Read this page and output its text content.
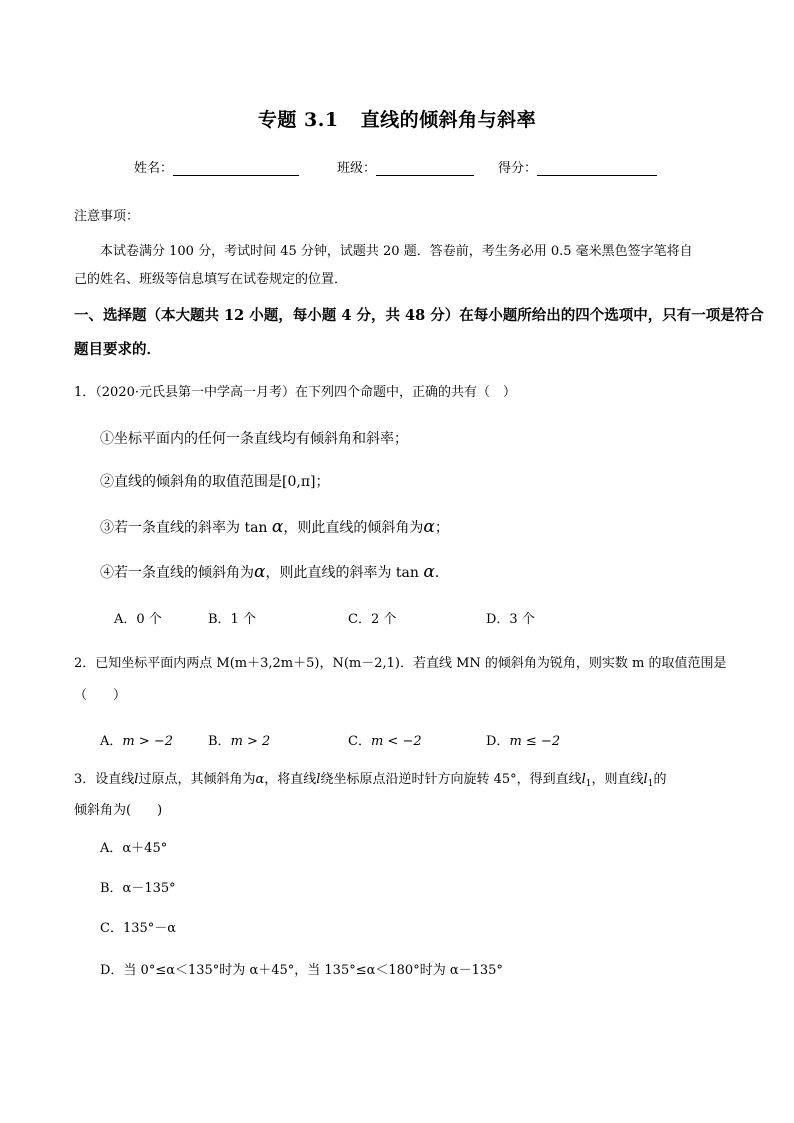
专题 3.1 直线的倾斜角与斜率
姓名：	班级：	得分：
注意事项：
本试卷满分 100 分，考试时间 45 分钟，试题共 20 题．答卷前，考生务必用 0.5 毫米黑色签字笔将自
己的姓名、班级等信息填写在试卷规定的位置．
一、选择题（本大题共 12 小题，每小题 4 分，共 48 分）在每小题所给出的四个选项中，只有一项是符合
题目要求的．
1．（2020·元氏县第一中学高一月考）在下列四个命题中，正确的共有（　）
①坐标平面内的任何一条直线均有倾斜角和斜率；
②直线的倾斜角的取值范围是[0,π]；
③若一条直线的斜率为 tan α，则此直线的倾斜角为α；
④若一条直线的倾斜角为α，则此直线的斜率为 tan α．
A．0 个	B．1 个	C．2 个	D．3 个
2．已知坐标平面内两点 M(m＋3,2m＋5)，N(m－2,1)．若直线 MN 的倾斜角为锐角，则实数 m 的取值范围是
（　　）
A．m > −2	B．m > 2	C．m < −2	D．m ≤ −2
3．设直线l过原点，其倾斜角为α，将直线l绕坐标原点沿逆时针方向旋转 45°，得到直线$l_1$，则直线$l_1$的
倾斜角为(　　)
A．α＋45°
B．α－135°
C．135°－α
D．当 0°≤α＜135°时为 α＋45°，当 135°≤α＜180°时为 α－135°
